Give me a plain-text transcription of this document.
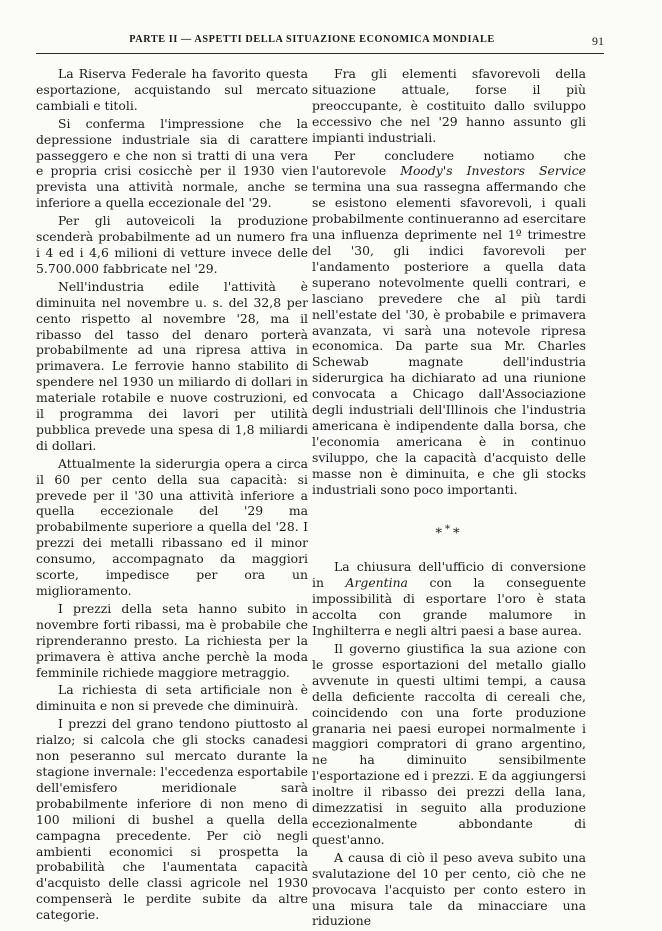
PARTE II — ASPETTI DELLA SITUAZIONE ECONOMICA MONDIALE	91

La Riserva Federale ha favorito questa esportazione, acquistando sul mercato cambiali e titoli.

Si conferma l'impressione che la depressione industriale sia di carattere passeggero e che non si tratti di una vera e propria crisi cosicchè per il 1930 vien prevista una attività normale, anche se inferiore a quella eccezionale del '29.

Per gli autoveicoli la produzione scenderà probabilmente ad un numero fra i 4 ed i 4,6 milioni di vetture invece delle 5.700.000 fabbricate nel '29.

Nell'industria edile l'attività è diminuita nel novembre u. s. del 32,8 per cento rispetto al novembre '28, ma il ribasso del tasso del denaro porterà probabilmente ad una ripresa attiva in primavera. Le ferrovie hanno stabilito di spendere nel 1930 un miliardo di dollari in materiale rotabile e nuove costruzioni, ed il programma dei lavori per utilità pubblica prevede una spesa di 1,8 miliardi di dollari.

Attualmente la siderurgia opera a circa il 60 per cento della sua capacità: si prevede per il '30 una attività inferiore a quella eccezionale del '29 ma probabilmente superiore a quella del '28. I prezzi dei metalli ribassano ed il minor consumo, accompagnato da maggiori scorte, impedisce per ora un miglioramento.

I prezzi della seta hanno subito in novembre forti ribassi, ma è probabile che riprenderanno presto. La richiesta per la primavera è attiva anche perchè la moda femminile richiede maggiore metraggio.

La richiesta di seta artificiale non è diminuita e non si prevede che diminuirà.

I prezzi del grano tendono piuttosto al rialzo; si calcola che gli stocks canadesi non peseranno sul mercato durante la stagione invernale: l'eccedenza esportabile dell'emisfero meridionale sarà probabilmente inferiore di non meno di 100 milioni di bushel a quella della campagna precedente. Per ciò negli ambienti economici si prospetta la probabilità che l'aumentata capacità d'acquisto delle classi agricole nel 1930 compenserà le perdite subite da altre categorie.

Fra gli elementi sfavorevoli della situazione attuale, forse il più preoccupante, è costituito dallo sviluppo eccessivo che nel '29 hanno assunto gli impianti industriali.

Per concludere notiamo che l'autorevole Moody's Investors Service termina una sua rassegna affermando che se esistono elementi sfavorevoli, i quali probabilmente continueranno ad esercitare una influenza deprimente nel 1º trimestre del '30, gli indici favorevoli per l'andamento posteriore a quella data superano notevolmente quelli contrari, e lasciano prevedere che al più tardi nell'estate del '30, è probabile e primavera avanzata, vi sarà una notevole ripresa economica. Da parte sua Mr. Charles Schewab magnate dell'industria siderurgica ha dichiarato ad una riunione convocata a Chicago dall'Associazione degli industriali dell'Illinois che l'industria americana è indipendente dalla borsa, che l'economia americana è in continuo sviluppo, che la capacità d'acquisto delle masse non è diminuita, e che gli stocks industriali sono poco importanti.

***

La chiusura dell'ufficio di conversione in Argentina con la conseguente impossibilità di esportare l'oro è stata accolta con grande malumore in Inghilterra e negli altri paesi a base aurea.

Il governo giustifica la sua azione con le grosse esportazioni del metallo giallo avvenute in questi ultimi tempi, a causa della deficiente raccolta di cereali che, coincidendo con una forte produzione granaria nei paesi europei normalmente i maggiori compratori di grano argentino, ne ha diminuito sensibilmente l'esportazione ed i prezzi. E da aggiungersi inoltre il ribasso dei prezzi della lana, dimezzatisi in seguito alla produzione eccezionalmente abbondante di quest'anno.

A causa di ciò il peso aveva subito una svalutazione del 10 per cento, ciò che ne provocava l'acquisto per conto estero in una misura tale da minacciare una riduzione
